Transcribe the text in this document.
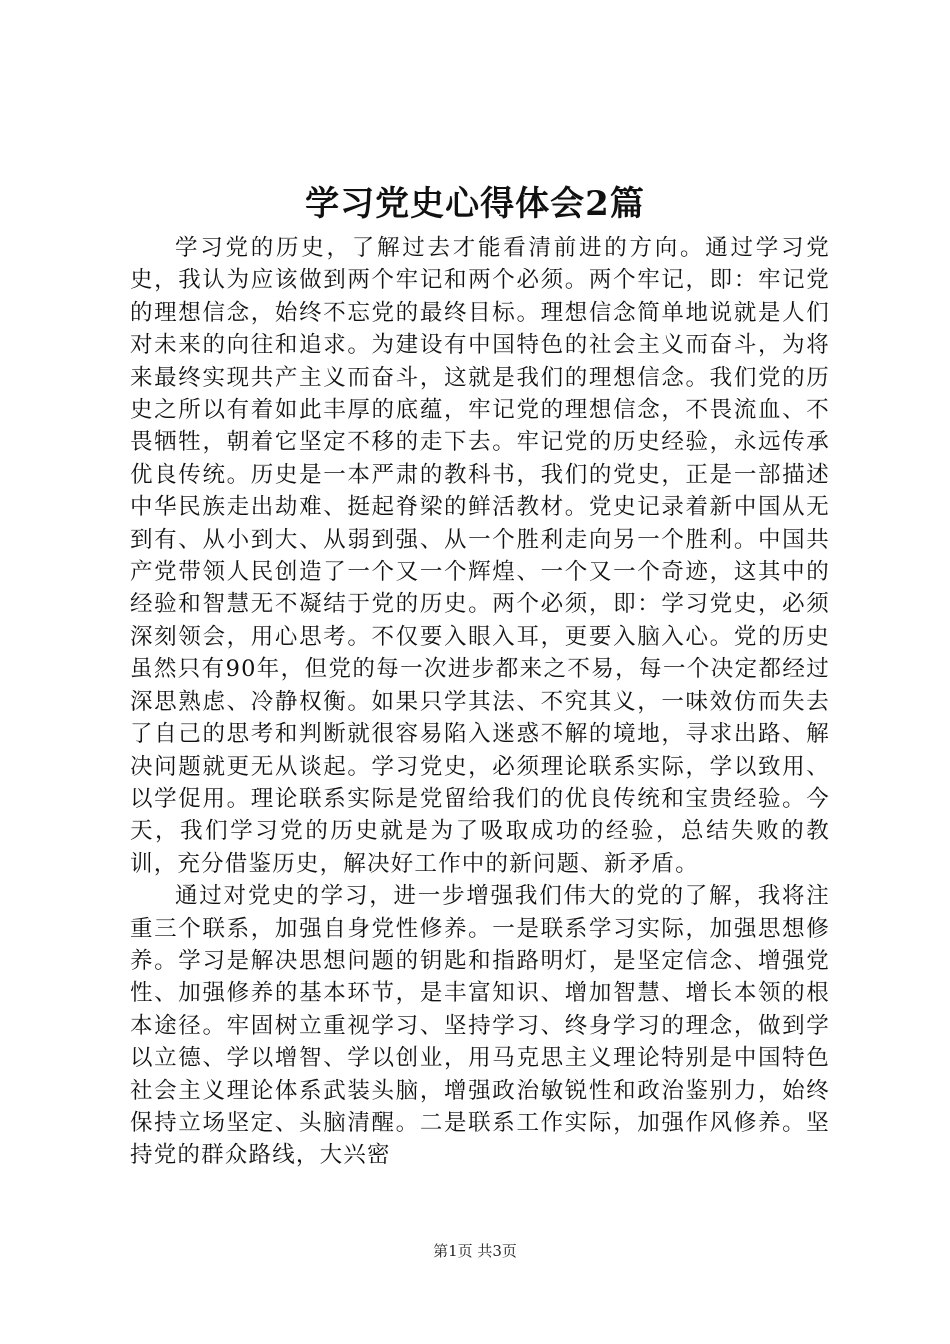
学习党史心得体会2篇

学习党的历史，了解过去才能看清前进的方向。通过学习党史，我认为应该做到两个牢记和两个必须。两个牢记，即：牢记党的理想信念，始终不忘党的最终目标。理想信念简单地说就是人们对未来的向往和追求。为建设有中国特色的社会主义而奋斗，为将来最终实现共产主义而奋斗，这就是我们的理想信念。我们党的历史之所以有着如此丰厚的底蕴，牢记党的理想信念，不畏流血、不畏牺牲，朝着它坚定不移的走下去。牢记党的历史经验，永远传承优良传统。历史是一本严肃的教科书，我们的党史，正是一部描述中华民族走出劫难、挺起脊梁的鲜活教材。党史记录着新中国从无到有、从小到大、从弱到强、从一个胜利走向另一个胜利。中国共产党带领人民创造了一个又一个辉煌、一个又一个奇迹，这其中的经验和智慧无不凝结于党的历史。两个必须，即：学习党史，必须深刻领会，用心思考。不仅要入眼入耳，更要入脑入心。党的历史虽然只有90年，但党的每一次进步都来之不易，每一个决定都经过深思熟虑、冷静权衡。如果只学其法、不究其义，一味效仿而失去了自己的思考和判断就很容易陷入迷惑不解的境地，寻求出路、解决问题就更无从谈起。学习党史，必须理论联系实际，学以致用、以学促用。理论联系实际是党留给我们的优良传统和宝贵经验。今天，我们学习党的历史就是为了吸取成功的经验，总结失败的教训，充分借鉴历史，解决好工作中的新问题、新矛盾。

通过对党史的学习，进一步增强我们伟大的党的了解，我将注重三个联系，加强自身党性修养。一是联系学习实际，加强思想修养。学习是解决思想问题的钥匙和指路明灯，是坚定信念、增强党性、加强修养的基本环节，是丰富知识、增加智慧、增长本领的根本途径。牢固树立重视学习、坚持学习、终身学习的理念，做到学以立德、学以增智、学以创业，用马克思主义理论特别是中国特色社会主义理论体系武装头脑，增强政治敏锐性和政治鉴别力，始终保持立场坚定、头脑清醒。二是联系工作实际，加强作风修养。坚持党的群众路线，大兴密

第1页 共3页
